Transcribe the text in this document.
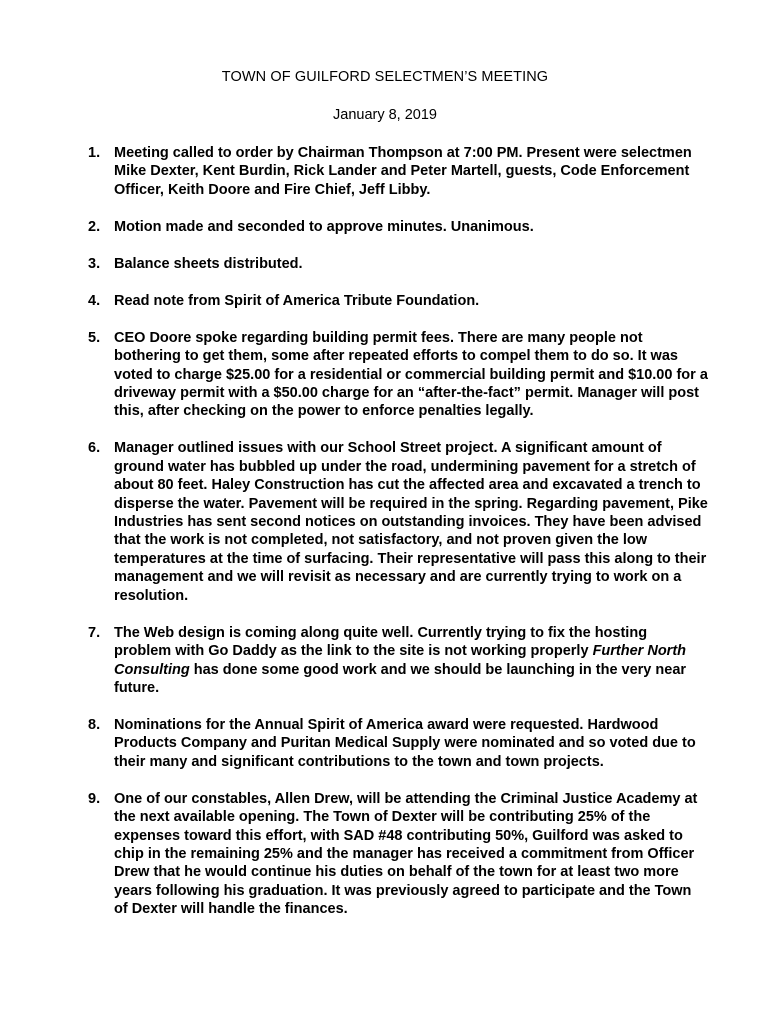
TOWN OF GUILFORD SELECTMEN’S MEETING
January 8, 2019
1. Meeting called to order by Chairman Thompson at 7:00 PM. Present were selectmen Mike Dexter, Kent Burdin, Rick Lander and Peter Martell, guests, Code Enforcement Officer, Keith Doore and Fire Chief, Jeff Libby.
2. Motion made and seconded to approve minutes. Unanimous.
3. Balance sheets distributed.
4. Read note from Spirit of America Tribute Foundation.
5. CEO Doore spoke regarding building permit fees. There are many people not bothering to get them, some after repeated efforts to compel them to do so. It was voted to charge $25.00 for a residential or commercial building permit and $10.00 for a driveway permit with a $50.00 charge for an “after-the-fact” permit. Manager will post this, after checking on the power to enforce penalties legally.
6. Manager outlined issues with our School Street project. A significant amount of ground water has bubbled up under the road, undermining pavement for a stretch of about 80 feet. Haley Construction has cut the affected area and excavated a trench to disperse the water. Pavement will be required in the spring. Regarding pavement, Pike Industries has sent second notices on outstanding invoices. They have been advised that the work is not completed, not satisfactory, and not proven given the low temperatures at the time of surfacing. Their representative will pass this along to their management and we will revisit as necessary and are currently trying to work on a resolution.
7. The Web design is coming along quite well. Currently trying to fix the hosting problem with Go Daddy as the link to the site is not working properly Further North Consulting has done some good work and we should be launching in the very near future.
8. Nominations for the Annual Spirit of America award were requested. Hardwood Products Company and Puritan Medical Supply were nominated and so voted due to their many and significant contributions to the town and town projects.
9. One of our constables, Allen Drew, will be attending the Criminal Justice Academy at the next available opening. The Town of Dexter will be contributing 25% of the expenses toward this effort, with SAD #48 contributing 50%, Guilford was asked to chip in the remaining 25% and the manager has received a commitment from Officer Drew that he would continue his duties on behalf of the town for at least two more years following his graduation. It was previously agreed to participate and the Town of Dexter will handle the finances.
